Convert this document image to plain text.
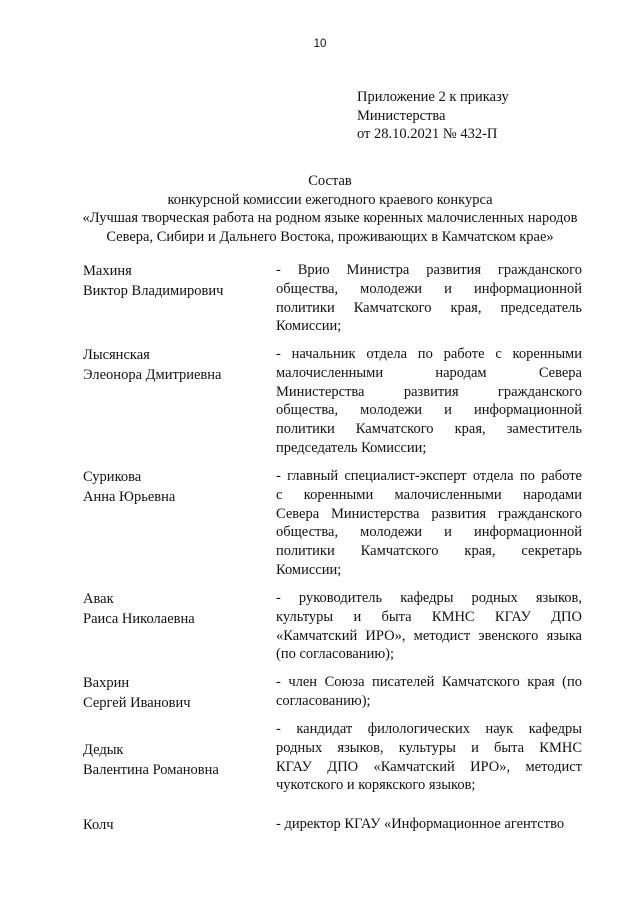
10
Приложение 2 к приказу
Министерства
от 28.10.2021 № 432-П
Состав
конкурсной комиссии ежегодного краевого конкурса
«Лучшая творческая работа на родном языке коренных малочисленных народов
Севера, Сибири и Дальнего Востока, проживающих в Камчатском крае»
Махиня
Виктор Владимирович
- Врио Министра развития гражданского
общества, молодежи и информационной
политики Камчатского края, председатель
Комиссии;
Лысянская
Элеонора Дмитриевна
- начальник отдела по работе с коренными
малочисленными народам Севера
Министерства развития гражданского
общества, молодежи и информационной
политики Камчатского края, заместитель
председатель Комиссии;
Сурикова
Анна Юрьевна
- главный специалист-эксперт отдела по работе
с коренными малочисленными народами
Севера Министерства развития гражданского
общества, молодежи и информационной
политики Камчатского края, секретарь
Комиссии;
Авак
Раиса Николаевна
- руководитель кафедры родных языков,
культуры и быта КМНС КГАУ ДПО
«Камчатский ИРО», методист эвенского языка
(по согласованию);
Вахрин
Сергей Иванович
- член Союза писателей Камчатского края (по
согласованию);
Дедык
Валентина Романовна
- кандидат филологических наук кафедры
родных языков, культуры и быта КМНС
КГАУ ДПО «Камчатский ИРО», методист
чукотского и корякского языков;
Колч	- директор КГАУ «Информационное агентство
